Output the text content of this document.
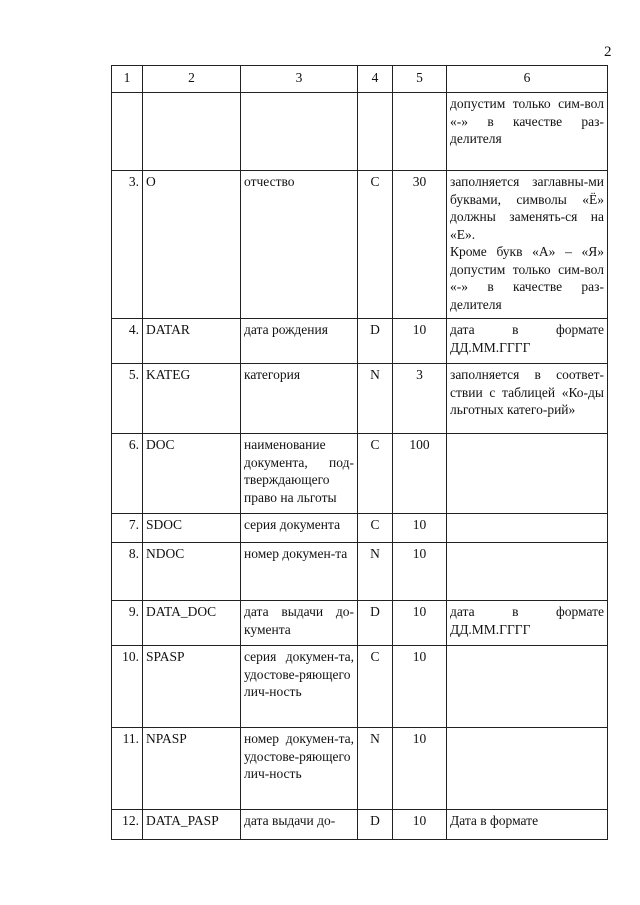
2
1	2	3	4	5	6
					допустим только сим-вол «-» в качестве раз-делителя
3.	O	отчество	C	30	заполняется заглавны-ми буквами, символы «Ё» должны заменять-ся на «Е».
Кроме букв «А» – «Я» допустим только сим-вол «-» в качестве раз-делителя
4.	DATAR	дата рождения	D	10	дата в формате ДД.ММ.ГГГГ
5.	KATEG	категория	N	3	заполняется в соответ-ствии с таблицей «Ко-ды льготных катего-рий»
6.	DOC	наименование документа, под-тверждающего право на льготы	C	100	
7.	SDOC	серия документа	C	10	
8.	NDOC	номер докумен-та	N	10	
9.	DATA_DOC	дата выдачи до-кумента	D	10	дата в формате ДД.ММ.ГГГГ
10.	SPASP	серия докумен-та, удостове-ряющего лич-ность	C	10	
11.	NPASP	номер докумен-та, удостове-ряющего лич-ность	N	10	
12.	DATA_PASP	дата выдачи до-	D	10	Дата в формате
